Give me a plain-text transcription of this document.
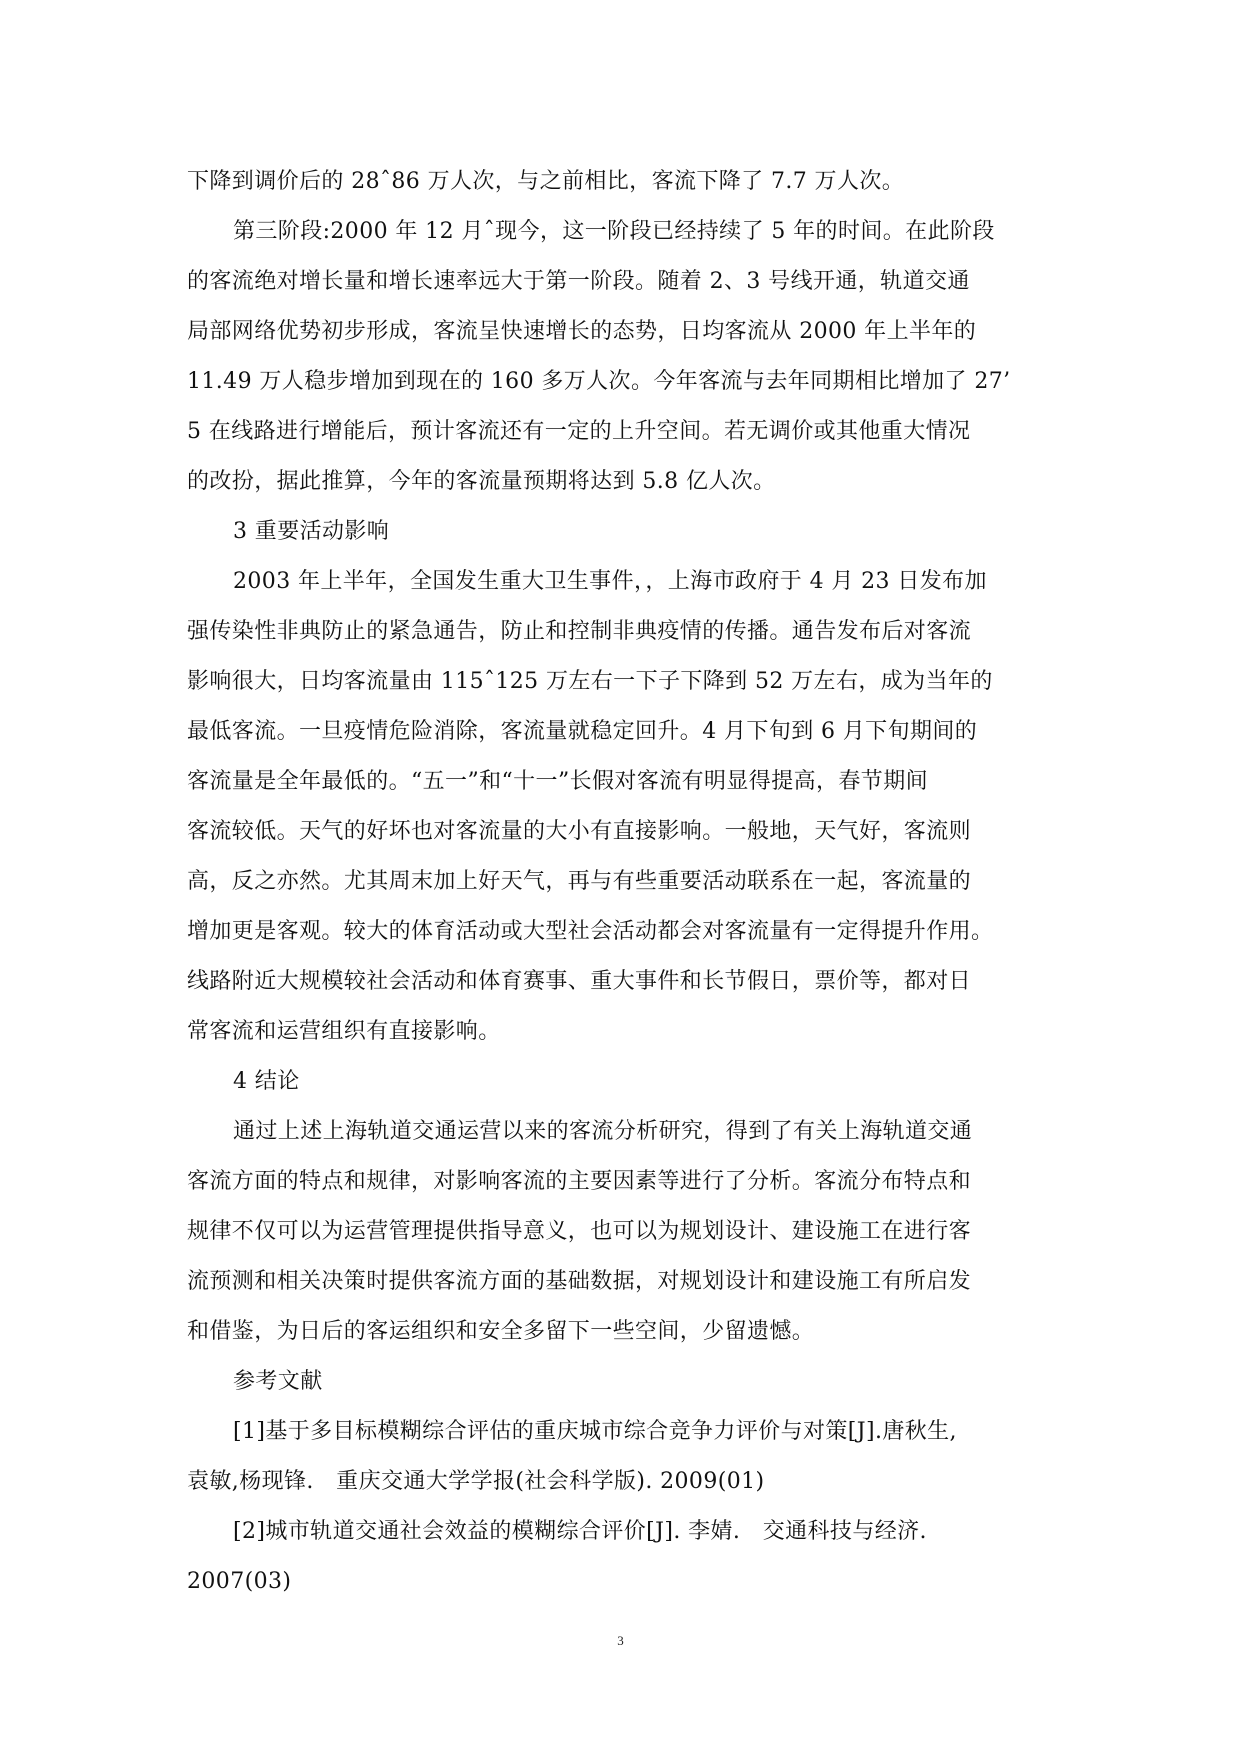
下降到调价后的 28ˆ86 万人次，与之前相比，客流下降了 7.7 万人次。
第三阶段:2000 年 12 月ˆ现今，这一阶段已经持续了 5 年的时间。在此阶段
的客流绝对增长量和增长速率远大于第一阶段。随着 2、3 号线开通，轨道交通
局部网络优势初步形成，客流呈快速增长的态势，日均客流从 2000 年上半年的
11.49 万人稳步增加到现在的 160 多万人次。今年客流与去年同期相比增加了 27’
5 在线路进行增能后，预计客流还有一定的上升空间。若无调价或其他重大情况
的改扮，据此推算，今年的客流量预期将达到 5.8 亿人次。
3 重要活动影响
2003 年上半年，全国发生重大卫生事件，，上海市政府于 4 月 23 日发布加
强传染性非典防止的紧急通告，防止和控制非典疫情的传播。通告发布后对客流
影响很大，日均客流量由 115ˆ125 万左右一下子下降到 52 万左右，成为当年的
最低客流。一旦疫情危险消除，客流量就稳定回升。4 月下旬到 6 月下旬期间的
客流量是全年最低的。“五一”和“十一”长假对客流有明显得提高，春节期间
客流较低。天气的好坏也对客流量的大小有直接影响。一般地，天气好，客流则
高，反之亦然。尤其周末加上好天气，再与有些重要活动联系在一起，客流量的
增加更是客观。较大的体育活动或大型社会活动都会对客流量有一定得提升作用。
线路附近大规模较社会活动和体育赛事、重大事件和长节假日，票价等，都对日
常客流和运营组织有直接影响。
4 结论
通过上述上海轨道交通运营以来的客流分析研究，得到了有关上海轨道交通
客流方面的特点和规律，对影响客流的主要因素等进行了分析。客流分布特点和
规律不仅可以为运营管理提供指导意义，也可以为规划设计、建设施工在进行客
流预测和相关决策时提供客流方面的基础数据，对规划设计和建设施工有所启发
和借鉴，为日后的客运组织和安全多留下一些空间，少留遗憾。
参考文献
[1]基于多目标模糊综合评估的重庆城市综合竞争力评价与对策[J].唐秋生,
袁敏,杨现锋.　重庆交通大学学报(社会科学版). 2009(01)
[2]城市轨道交通社会效益的模糊综合评价[J]. 李婧.　交通科技与经济.
2007(03)
3
